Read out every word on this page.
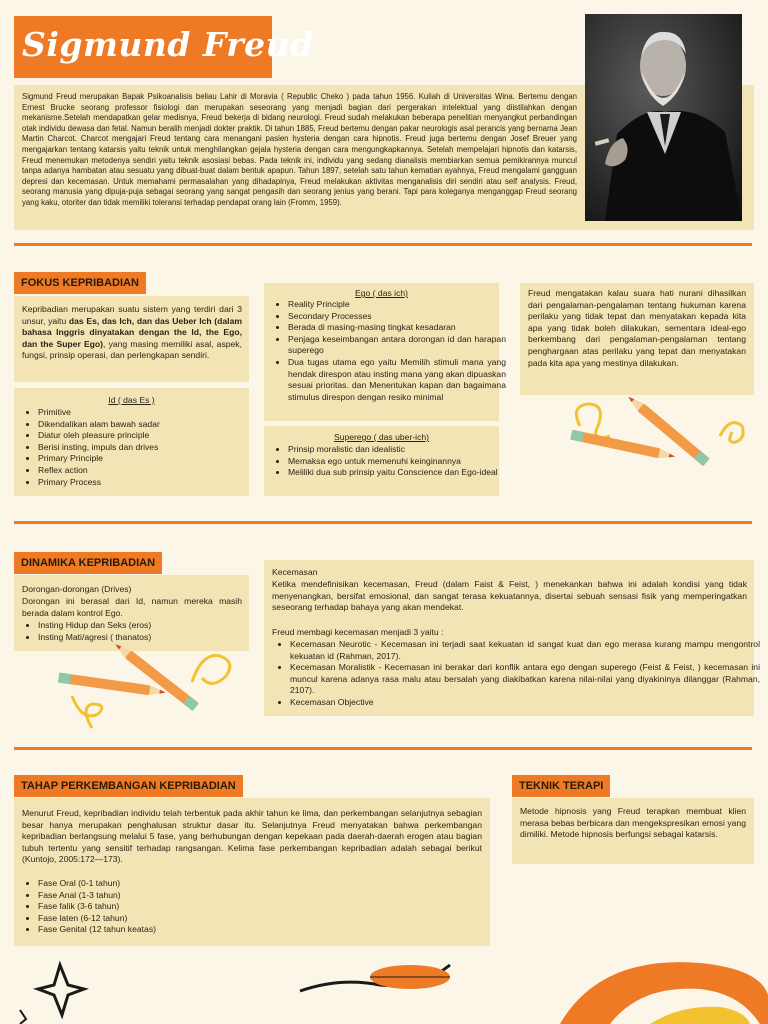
Sigmund Freud
Sigmund Freud merupakan Bapak Psikoanalisis beliau Lahir di Moravia ( Republic Cheko ) pada tahun 1956. Kuliah di Universitas Wina. Bertemu dengan Ernest Brucke seorang professor fisiologi dan merupakan seseorang yang menjadi bagian dari pergerakan intelektual yang diistilahkan dengan mekanisme.Setelah mendapatkan gelar medisnya, Freud bekerja di bidang neurologi. Freud sudah melakukan beberapa penelitian menyangkut perbandingan otak individu dewasa dan fetal. Namun beralih menjadi dokter praktik. Di tahun 1885, Freud bertemu dengan pakar neurologis asal perancis yang bernama Jean Martin Charcot. Charcot mengajari Freud tentang cara menangani pasien hysteria dengan cara hipnotis. Freud juga bertemu dengan Josef Breuer yang mengajarkan tentang katarsis yaitu teknik untuk menghilangkan gejala hysteria dengan cara mengungkapkannya. Setelah mempelajari hipnotis dan katarsis, Freud menemukan metodenya sendiri yaitu teknik asosiasi bebas. Pada teknik ini, individu yang sedang dianalisis membiarkan semua pemikirannya muncul tanpa adanya hambatan atau sesuatu yang dibuat-buat dalam bentuk apapun. Tahun 1897, setelah satu tahun kematian ayahnya, Freud mengalami gangguan depresi dan kecemasan. Untuk memahami permasalahan yang dihadapinya, Freud melakukan aktivitas menganalisis diri sendiri atau self analysis. Freud, seorang manusia yang dipuja-puja sebagai seorang yang sangat pengasih dan seorang jenius yang berani. Tapi para koleganya menganggap Freud seorang yang kaku, otoriter dan tidak memiliki toleransi terhadap pendapat orang lain (Fromm, 1959).
FOKUS KEPRIBADIAN
Kepribadian merupakan suatu sistem yang terdiri dari 3 unsur, yaitu das Es, das Ich, dan das Ueber Ich (dalam bahasa Inggris dinyatakan dengan the Id, the Ego, dan the Super Ego), yang masing memiliki asal, aspek, fungsi, prinsip operasi, dan perlengkapan sendiri.
Id ( das Es )
• Primitive
• Dikendalikan alam bawah sadar
• Diatur oleh pleasure principle
• Berisi insting, impuls dan drives
• Primary Principle
• Reflex action
• Primary Process
Ego ( das ich)
• Reality Principle
• Secondary Processes
• Berada di masing-masing tingkat kesadaran
• Penjaga keseimbangan antara dorongan id dan harapan superego
• Dua tugas utama ego yaitu Memilih stimuli mana yang hendak direspon atau insting mana yang akan dipuaskan sesuai prioritas. dan Menentukan kapan dan bagaimana stimulus direspon dengan resiko minimal
Superego ( das uber-ich)
• Prinsip moralistic dan idealistic
• Memaksa ego untuk memenuhi keinginannya
• Meliliki dua sub prinsip yaitu Conscience dan Ego-ideal
Freud mengatakan kalau suara hati nurani dihasilkan dari pengalaman-pengalaman tentang hukuman karena perilaku yang tidak tepat dan menyatakan kepada kita apa yang tidak boleh dilakukan, sementara ideal-ego berkembang dari pengalaman-pengalaman tentang penghargaan atas perilaku yang tepat dan menyatakan pada kita apa yang mestinya dilakukan.
DINAMIKA KEPRIBADIAN
Dorongan-dorongan (Drives)
Dorongan ini berasal dari Id, namun mereka masih berada dalam kontrol Ego.
• Insting Hidup dan Seks (eros)
• Insting Mati/agresi ( thanatos)
Kecemasan
Ketika mendefinisikan kecemasan, Freud (dalam Faist & Feist, ) menekankan bahwa ini adalah kondisi yang tidak menyenangkan, bersifat emosional, dan sangat terasa kekuatannya, disertai sebuah sensasi fisik yang memperingatkan seseorang terhadap bahaya yang akan mendekat.
Freud membagi kecemasan menjadi 3 yaitu :
• Kecemasan Neurotic - Kecemasan ini terjadi saat kekuatan id sangat kuat dan ego merasa kurang mampu mengontrol kekuatan id (Rahman, 2017).
• Kecemasan Moralistik - Kecemasan ini berakar dari konflik antara ego dengan superego (Feist & Feist, ) kecemasan ini muncul karena adanya rasa malu atau bersalah yang diakibatkan karena nilai-nilai yang diyakininya dilanggar (Rahman, 2107).
• Kecemasan Objective
TAHAP PERKEMBANGAN KEPRIBADIAN
Menurut Freud, kepribadian individu telah terbentuk pada akhir tahun ke lima, dan perkembangan selanjutnya sebagian besar hanya merupakan penghalusan struktur dasar itu. Selanjutnya Freud menyatakan bahwa perkembangan kepribadian berlangsung melalui 5 fase, yang berhubungan dengan kepekaan pada daerah-daerah erogen atau bagian tubuh tertentu yang sensitif terhadap rangsangan. Kelima fase perkembangan kepribadian adalah sebagai berikut (Kuntojo, 2005:172—173).
• Fase Oral (0-1 tahun)
• Fase Anal (1-3 tahun)
• Fase falik (3-6 tahun)
• Fase laten (6-12 tahun)
• Fase Genital (12 tahun keatas)
TEKNIK TERAPI
Metode hipnosis yang Freud terapkan membuat klien merasa bebas berbicara dan mengekspresikan emosi yang dimiliki. Metode hipnosis berfungsi sebagai katarsis.
